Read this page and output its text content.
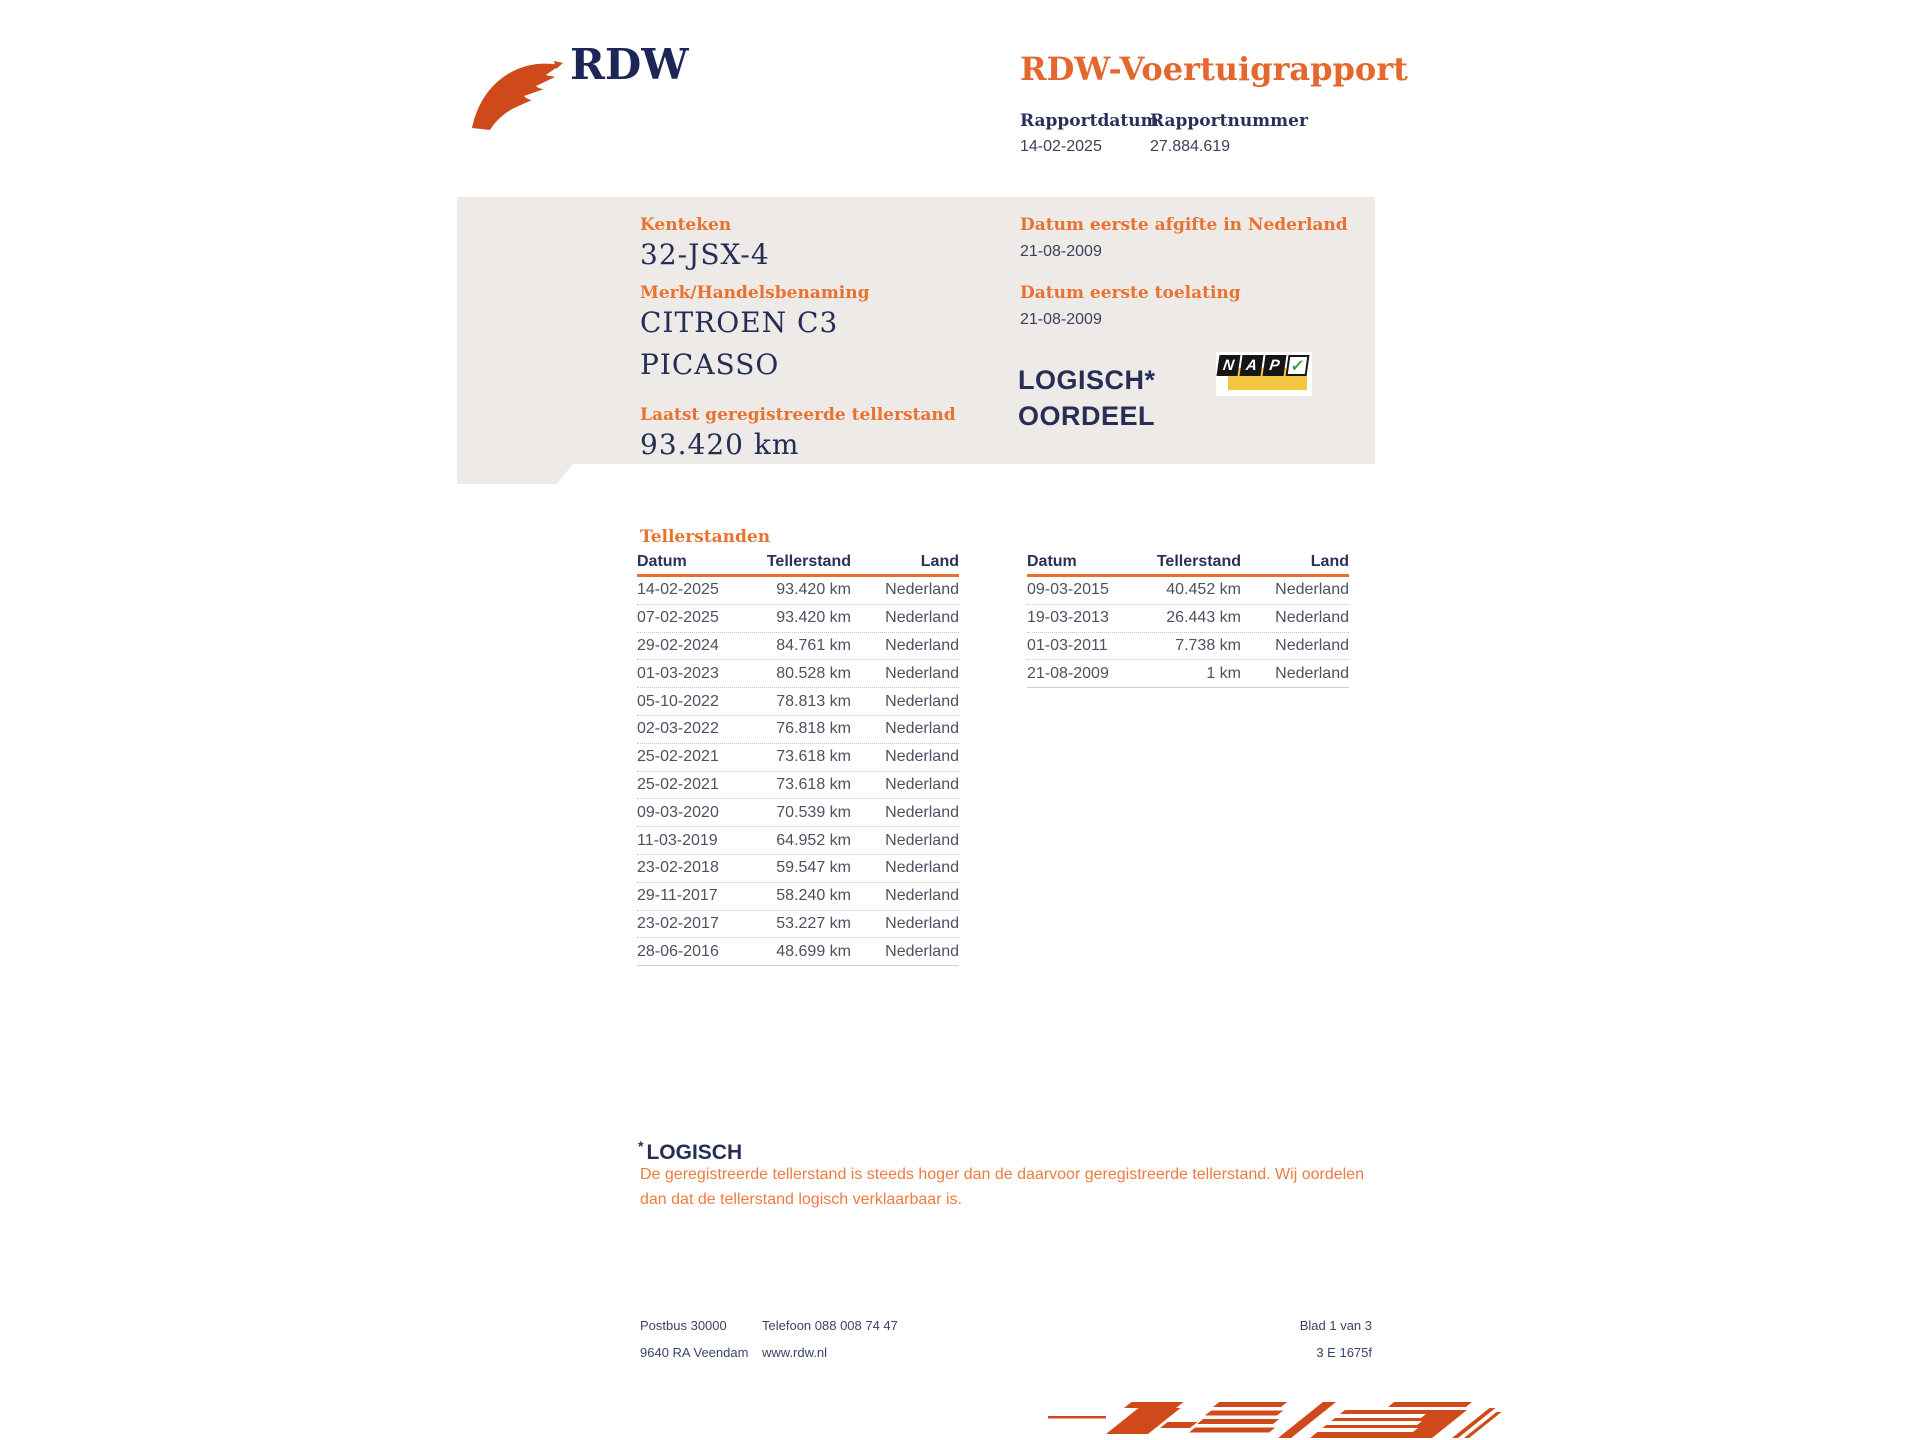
RDW	RDW-Voertuigrapport
Rapportdatum
14-02-2025
Rapportnummer
27.884.619
Kenteken
32-JSX-4
Merk/Handelsbenaming
CITROEN C3
PICASSO
Laatst geregistreerde tellerstand
93.420 km
Datum eerste afgifte in Nederland
21-08-2009
Datum eerste toelating
21-08-2009
LOGISCH*
OORDEEL
N A P ✓
Tellerstanden
Datum	Tellerstand	Land
14-02-2025	93.420 km	Nederland
07-02-2025	93.420 km	Nederland
29-02-2024	84.761 km	Nederland
01-03-2023	80.528 km	Nederland
05-10-2022	78.813 km	Nederland
02-03-2022	76.818 km	Nederland
25-02-2021	73.618 km	Nederland
25-02-2021	73.618 km	Nederland
09-03-2020	70.539 km	Nederland
11-03-2019	64.952 km	Nederland
23-02-2018	59.547 km	Nederland
29-11-2017	58.240 km	Nederland
23-02-2017	53.227 km	Nederland
28-06-2016	48.699 km	Nederland
Datum	Tellerstand	Land
09-03-2015	40.452 km	Nederland
19-03-2013	26.443 km	Nederland
01-03-2011	7.738 km	Nederland
21-08-2009	1 km	Nederland
* LOGISCH
De geregistreerde tellerstand is steeds hoger dan de daarvoor geregistreerde tellerstand. Wij oordelen dan dat de tellerstand logisch verklaarbaar is.
Postbus 30000
9640 RA Veendam
Telefoon 088 008 74 47
www.rdw.nl
Blad 1 van 3
3 E 1675f
